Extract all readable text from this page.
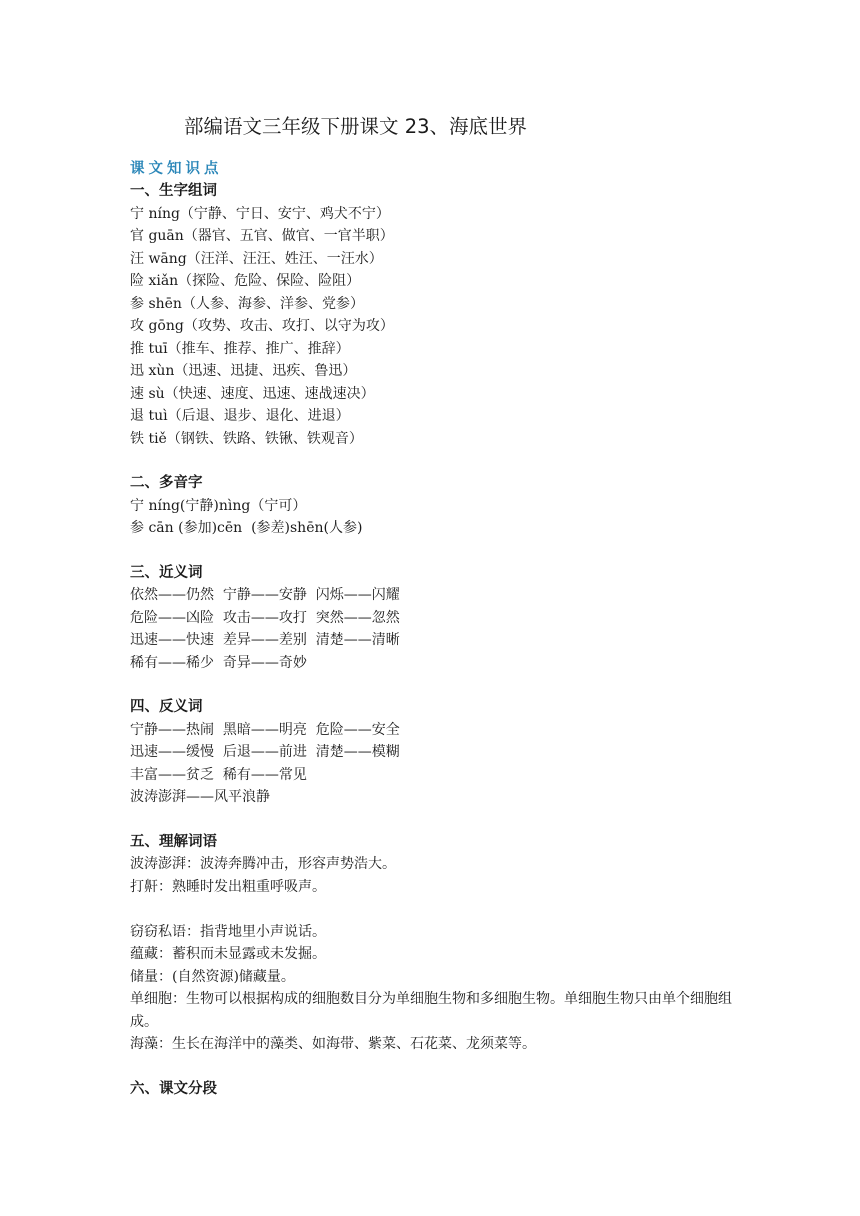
部编语文三年级下册课文 23、海底世界
课文知识点
一、生字组词
宁 níng（宁静、宁日、安宁、鸡犬不宁）
官 guān（器官、五官、做官、一官半职）
汪 wāng（汪洋、汪汪、姓汪、一汪水）
险 xiǎn（探险、危险、保险、险阻）
参 shēn（人参、海参、洋参、党参）
攻 gōng（攻势、攻击、攻打、以守为攻）
推 tuī（推车、推荐、推广、推辞）
迅 xùn（迅速、迅捷、迅疾、鲁迅）
速 sù（快速、速度、迅速、速战速决）
退 tuì（后退、退步、退化、进退）
铁 tiě（钢铁、铁路、铁锹、铁观音）
二、多音字
宁 níng(宁静)nìng（宁可）
参 cān (参加)cēn  (参差)shēn(人参)
三、近义词
依然——仍然  宁静——安静  闪烁——闪耀
危险——凶险  攻击——攻打  突然——忽然
迅速——快速  差异——差别  清楚——清晰
稀有——稀少  奇异——奇妙
四、反义词
宁静——热闹  黑暗——明亮  危险——安全
迅速——缓慢  后退——前进  清楚——模糊
丰富——贫乏  稀有——常见
波涛澎湃——风平浪静
五、理解词语
波涛澎湃：波涛奔腾冲击，形容声势浩大。
打鼾：熟睡时发出粗重呼吸声。
窃窃私语：指背地里小声说话。
蕴藏：蓄积而未显露或未发掘。
储量：(自然资源)储藏量。
单细胞：生物可以根据构成的细胞数目分为单细胞生物和多细胞生物。单细胞生物只由单个细胞组成。
海藻：生长在海洋中的藻类、如海带、紫菜、石花菜、龙须菜等。
六、课文分段
